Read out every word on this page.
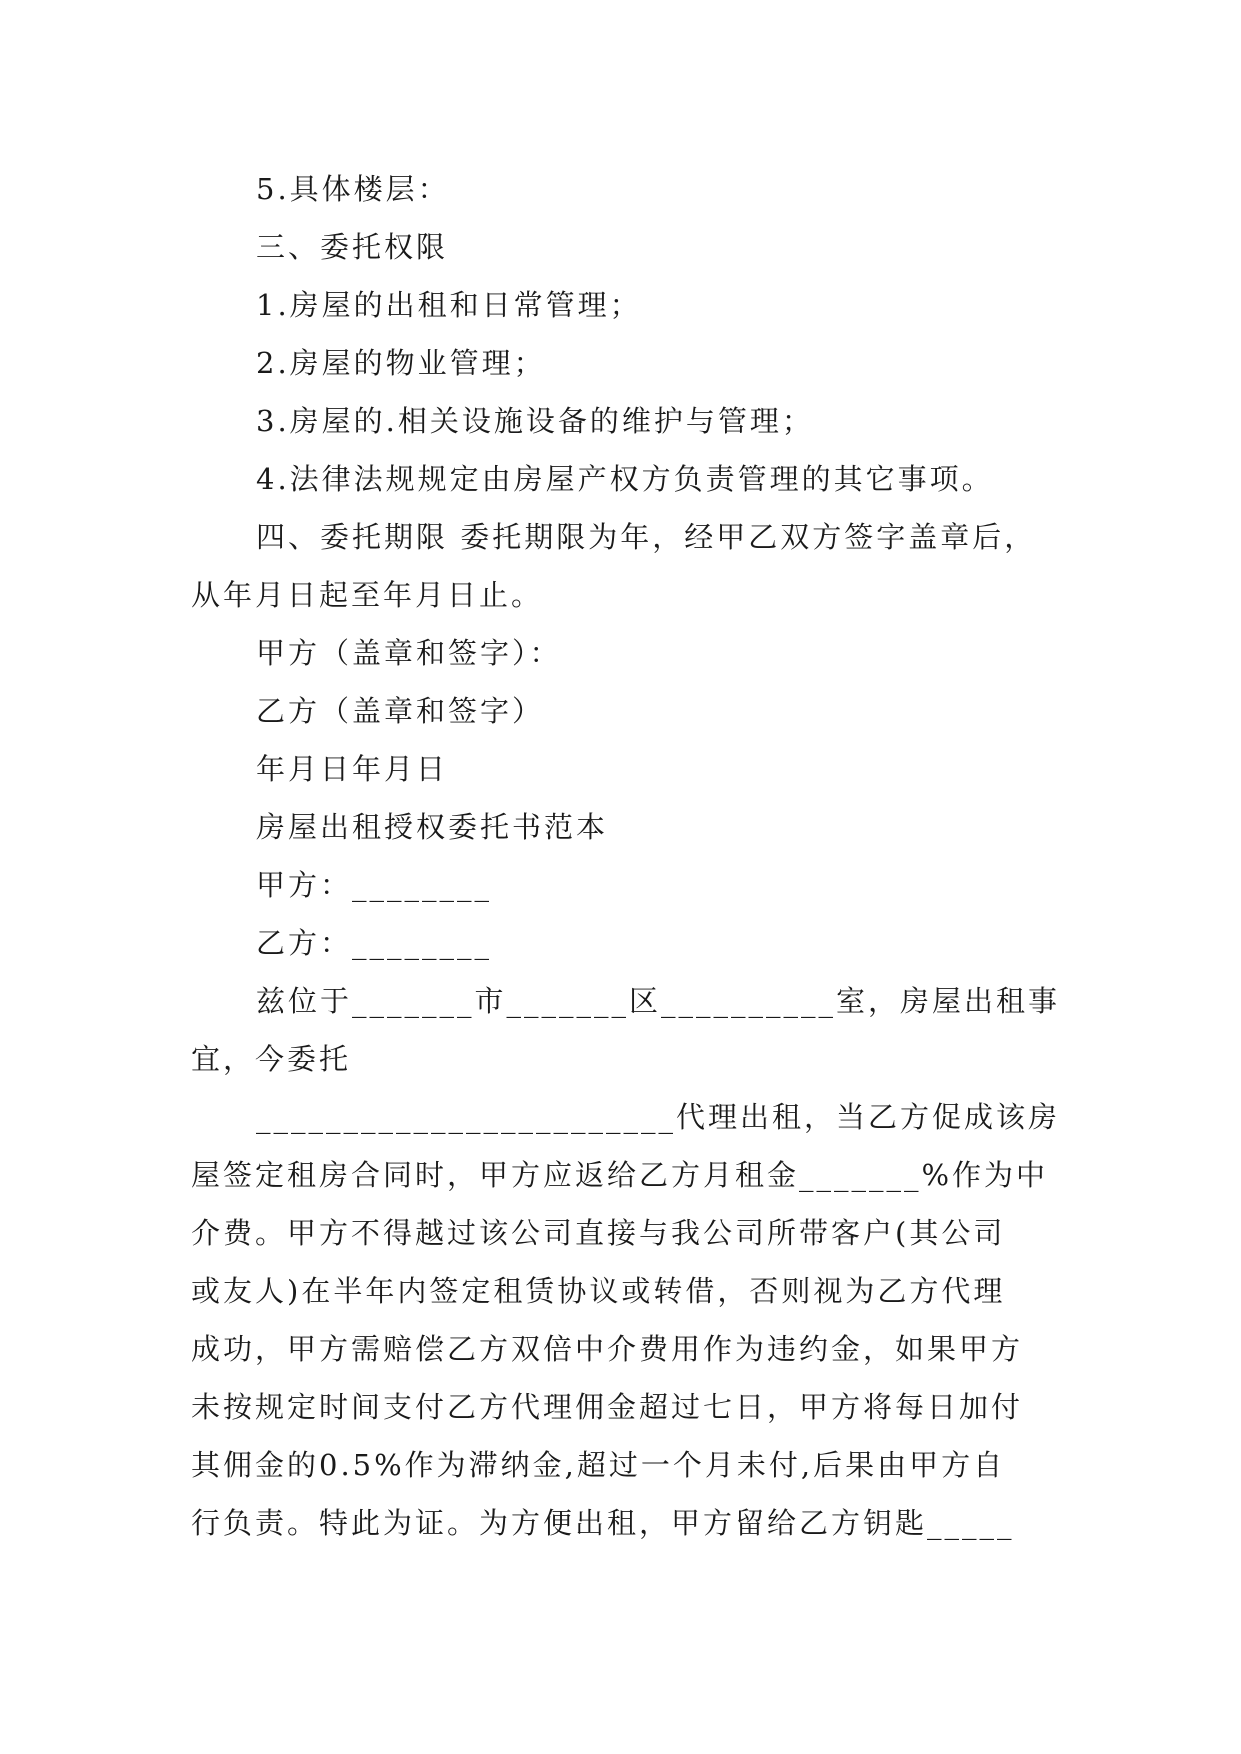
5.具体楼层：
三、委托权限
1.房屋的出租和日常管理；
2.房屋的物业管理；
3.房屋的.相关设施设备的维护与管理；
4.法律法规规定由房屋产权方负责管理的其它事项。
四、委托期限 委托期限为年，经甲乙双方签字盖章后，
从年月日起至年月日止。
甲方（盖章和签字）：
乙方（盖章和签字）
年月日年月日
房屋出租授权委托书范本
甲方：________
乙方：________
兹位于_______市_______区__________室，房屋出租事
宜，今委托
________________________代理出租，当乙方促成该房
屋签定租房合同时，甲方应返给乙方月租金_______%作为中
介费。甲方不得越过该公司直接与我公司所带客户(其公司
或友人)在半年内签定租赁协议或转借，否则视为乙方代理
成功，甲方需赔偿乙方双倍中介费用作为违约金，如果甲方
未按规定时间支付乙方代理佣金超过七日，甲方将每日加付
其佣金的0.5%作为滞纳金,超过一个月未付,后果由甲方自
行负责。特此为证。为方便出租，甲方留给乙方钥匙_____
